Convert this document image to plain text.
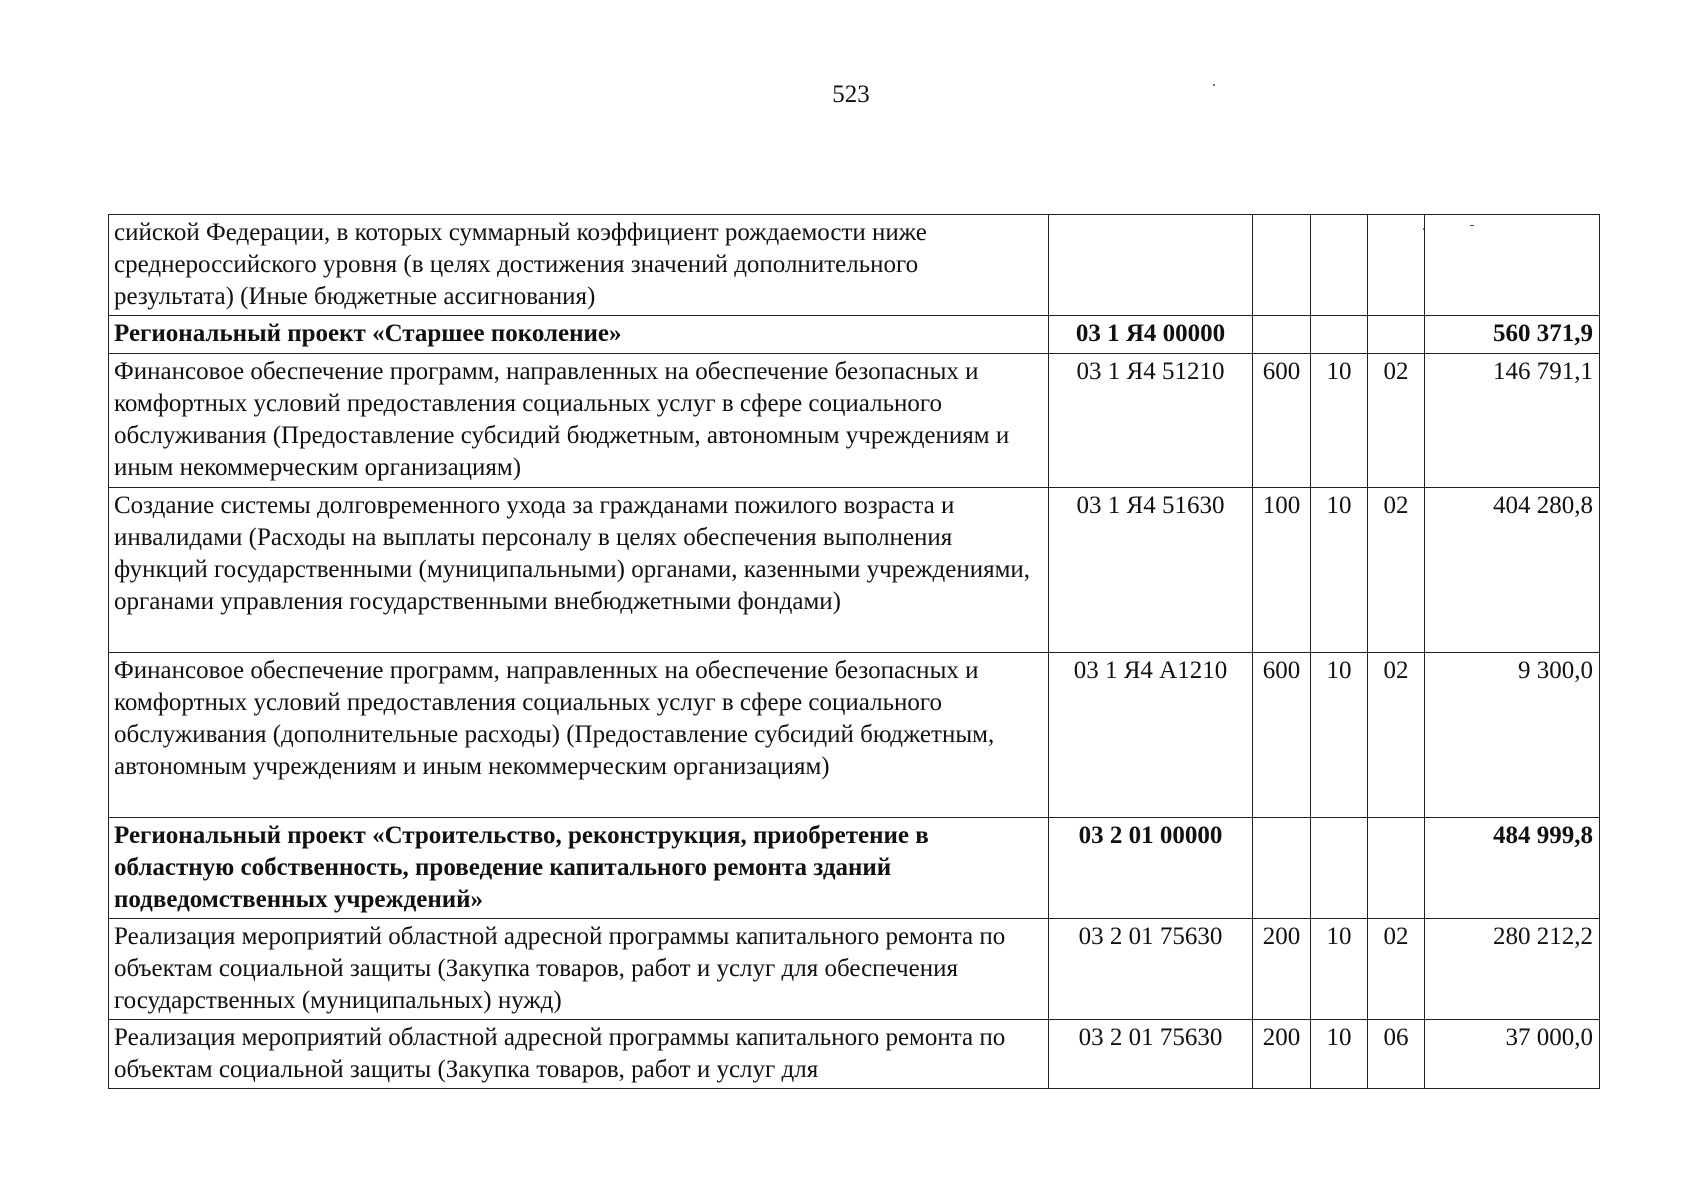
523
сийской Федерации, в которых суммарный коэффициент рождаемости ниже среднероссийского уровня (в целях достижения значений дополнительного результата) (Иные бюджетные ассигнования)					
Региональный проект «Старшее поколение»	03 1 Я4 00000				560 371,9
Финансовое обеспечение программ, направленных на обеспечение безопасных и комфортных условий предоставления социальных услуг в сфере социального обслуживания (Предоставление субсидий бюджетным, автономным учреждениям и иным некоммерческим организациям)	03 1 Я4 51210	600	10	02	146 791,1
Создание системы долговременного ухода за гражданами пожилого возраста и инвалидами (Расходы на выплаты персоналу в целях обеспечения выполнения функций государственными (муниципальными) органами, казенными учреждениями, органами управления государственными внебюджетными фондами)	03 1 Я4 51630	100	10	02	404 280,8
Финансовое обеспечение программ, направленных на обеспечение безопасных и комфортных условий предоставления социальных услуг в сфере социального обслуживания (дополнительные расходы) (Предоставление субсидий бюджетным, автономным учреждениям и иным некоммерческим организациям)	03 1 Я4 А1210	600	10	02	9 300,0
Региональный проект «Строительство, реконструкция, приобретение в областную собственность, проведение капитального ремонта зданий подведомственных учреждений»	03 2 01 00000				484 999,8
Реализация мероприятий областной адресной программы капитального ремонта по объектам социальной защиты (Закупка товаров, работ и услуг для обеспечения государственных (муниципальных) нужд)	03 2 01 75630	200	10	02	280 212,2
Реализация мероприятий областной адресной программы капитального ремонта по объектам социальной защиты (Закупка товаров, работ и услуг для	03 2 01 75630	200	10	06	37 000,0
